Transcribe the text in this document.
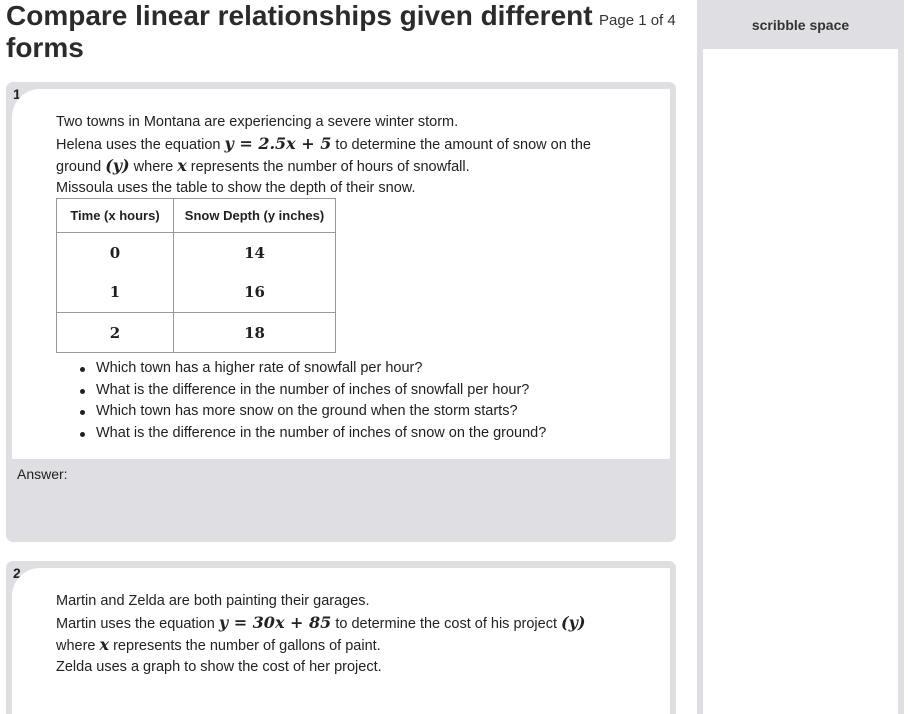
Compare linear relationships given different forms
Page 1 of 4	scribble space
1
Two towns in Montana are experiencing a severe winter storm.
Helena uses the equation y = 2.5x + 5 to determine the amount of snow on the
ground (y) where x represents the number of hours of snowfall.
Missoula uses the table to show the depth of their snow.
Time (x hours)	Snow Depth (y inches)
0	14
1	16
2	18
Which town has a higher rate of snowfall per hour?
What is the difference in the number of inches of snowfall per hour?
Which town has more snow on the ground when the storm starts?
What is the difference in the number of inches of snow on the ground?
Answer:
2
Martin and Zelda are both painting their garages.
Martin uses the equation y = 30x + 85 to determine the cost of his project (y)
where x represents the number of gallons of paint.
Zelda uses a graph to show the cost of her project.
